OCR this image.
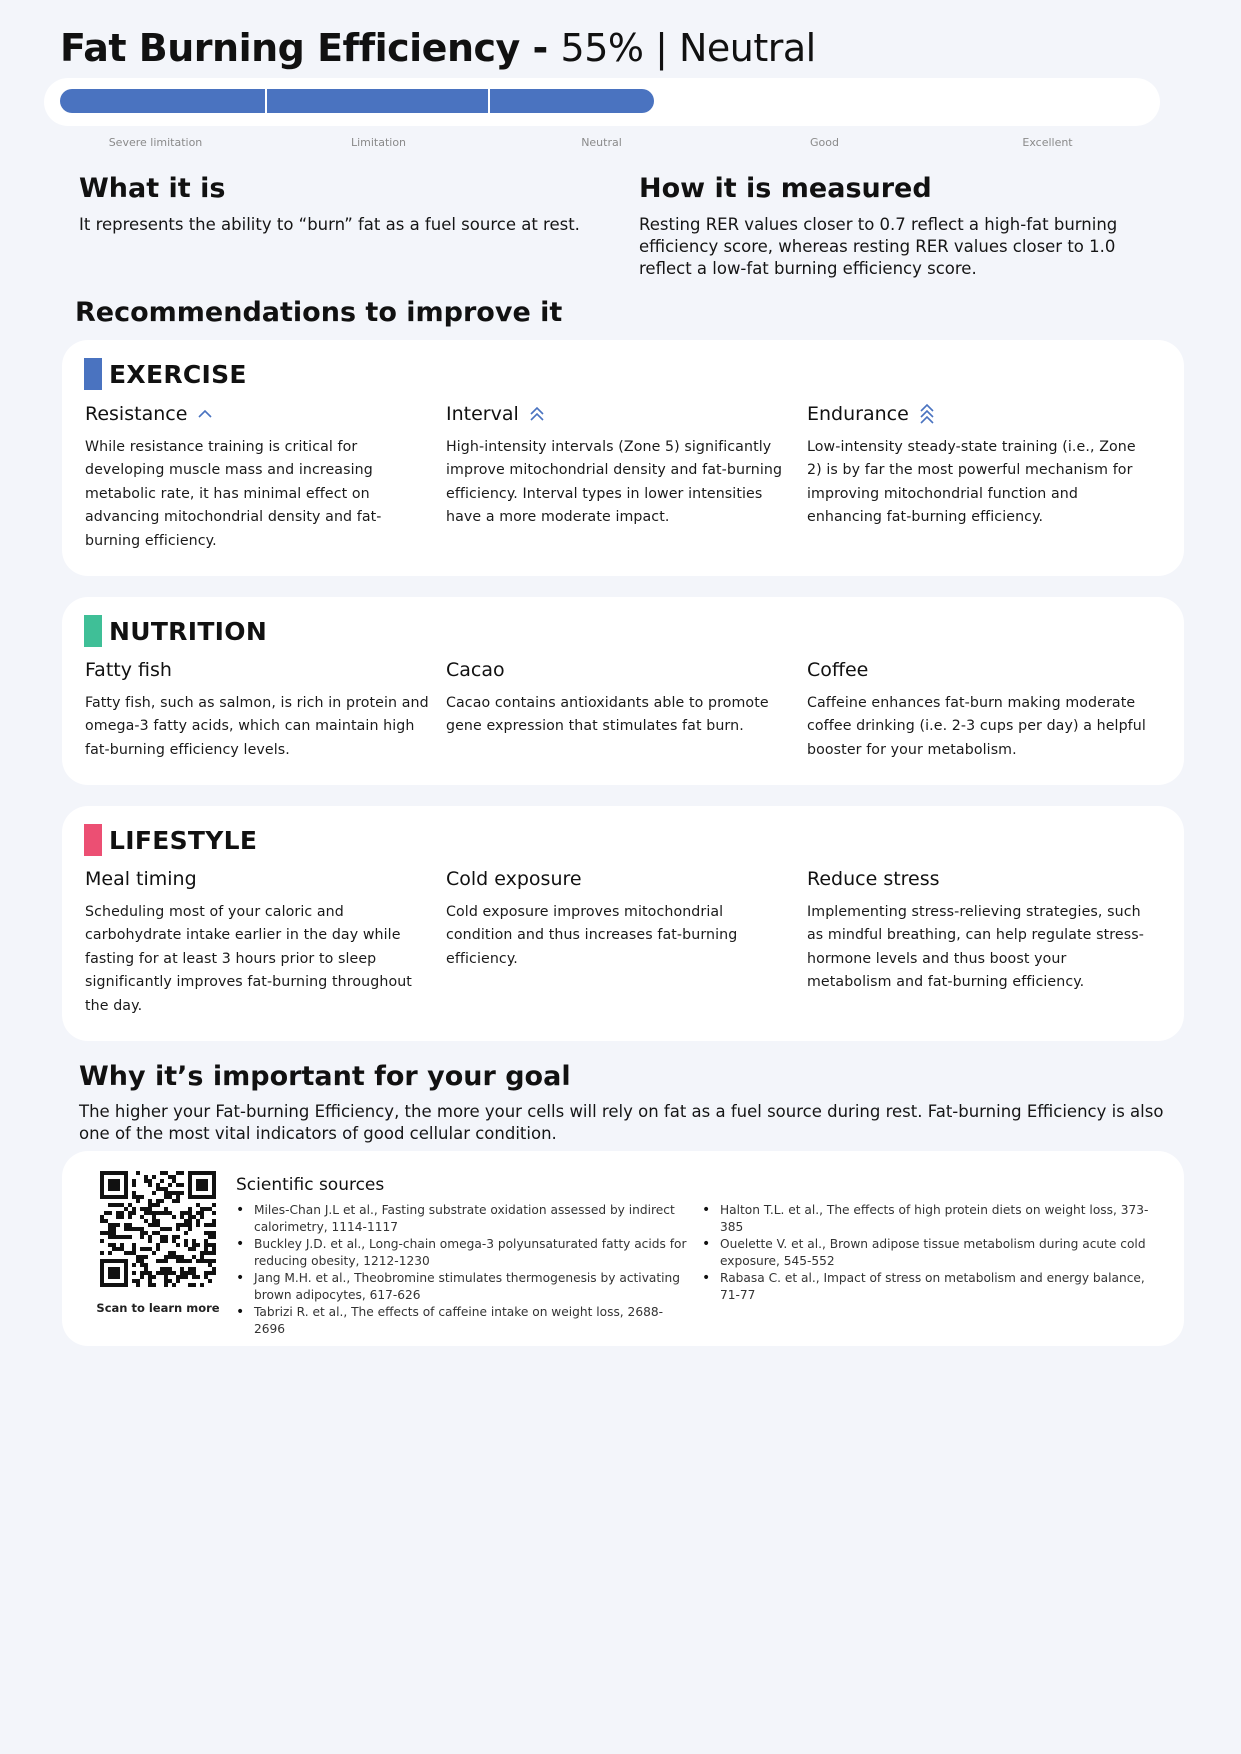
Fat Burning Efficiency - 55% | Neutral
Severe limitation	Limitation	Neutral	Good	Excellent
What it is
It represents the ability to “burn” fat as a fuel source at rest.
How it is measured
Resting RER values closer to 0.7 reflect a high-fat burning efficiency score, whereas resting RER values closer to 1.0 reflect a low-fat burning efficiency score.
Recommendations to improve it
EXERCISE
Resistance
While resistance training is critical for developing muscle mass and increasing metabolic rate, it has minimal effect on advancing mitochondrial density and fat-burning efficiency.
Interval
High-intensity intervals (Zone 5) significantly improve mitochondrial density and fat-burning efficiency. Interval types in lower intensities have a more moderate impact.
Endurance
Low-intensity steady-state training (i.e., Zone 2) is by far the most powerful mechanism for improving mitochondrial function and enhancing fat-burning efficiency.
NUTRITION
Fatty fish
Fatty fish, such as salmon, is rich in protein and omega-3 fatty acids, which can maintain high fat-burning efficiency levels.
Cacao
Cacao contains antioxidants able to promote gene expression that stimulates fat burn.
Coffee
Caffeine enhances fat-burn making moderate coffee drinking (i.e. 2-3 cups per day) a helpful booster for your metabolism.
LIFESTYLE
Meal timing
Scheduling most of your caloric and carbohydrate intake earlier in the day while fasting for at least 3 hours prior to sleep significantly improves fat-burning throughout the day.
Cold exposure
Cold exposure improves mitochondrial condition and thus increases fat-burning efficiency.
Reduce stress
Implementing stress-relieving strategies, such as mindful breathing, can help regulate stress-hormone levels and thus boost your metabolism and fat-burning efficiency.
Why it’s important for your goal
The higher your Fat-burning Efficiency, the more your cells will rely on fat as a fuel source during rest. Fat-burning Efficiency is also one of the most vital indicators of good cellular condition.
Scan to learn more
Scientific sources
• Miles-Chan J.L et al., Fasting substrate oxidation assessed by indirect calorimetry, 1114-1117
• Buckley J.D. et al., Long-chain omega-3 polyunsaturated fatty acids for reducing obesity, 1212-1230
• Jang M.H. et al., Theobromine stimulates thermogenesis by activating brown adipocytes, 617-626
• Tabrizi R. et al., The effects of caffeine intake on weight loss, 2688-2696
• Halton T.L. et al., The effects of high protein diets on weight loss, 373-385
• Ouelette V. et al., Brown adipose tissue metabolism during acute cold exposure, 545-552
• Rabasa C. et al., Impact of stress on metabolism and energy balance, 71-77
